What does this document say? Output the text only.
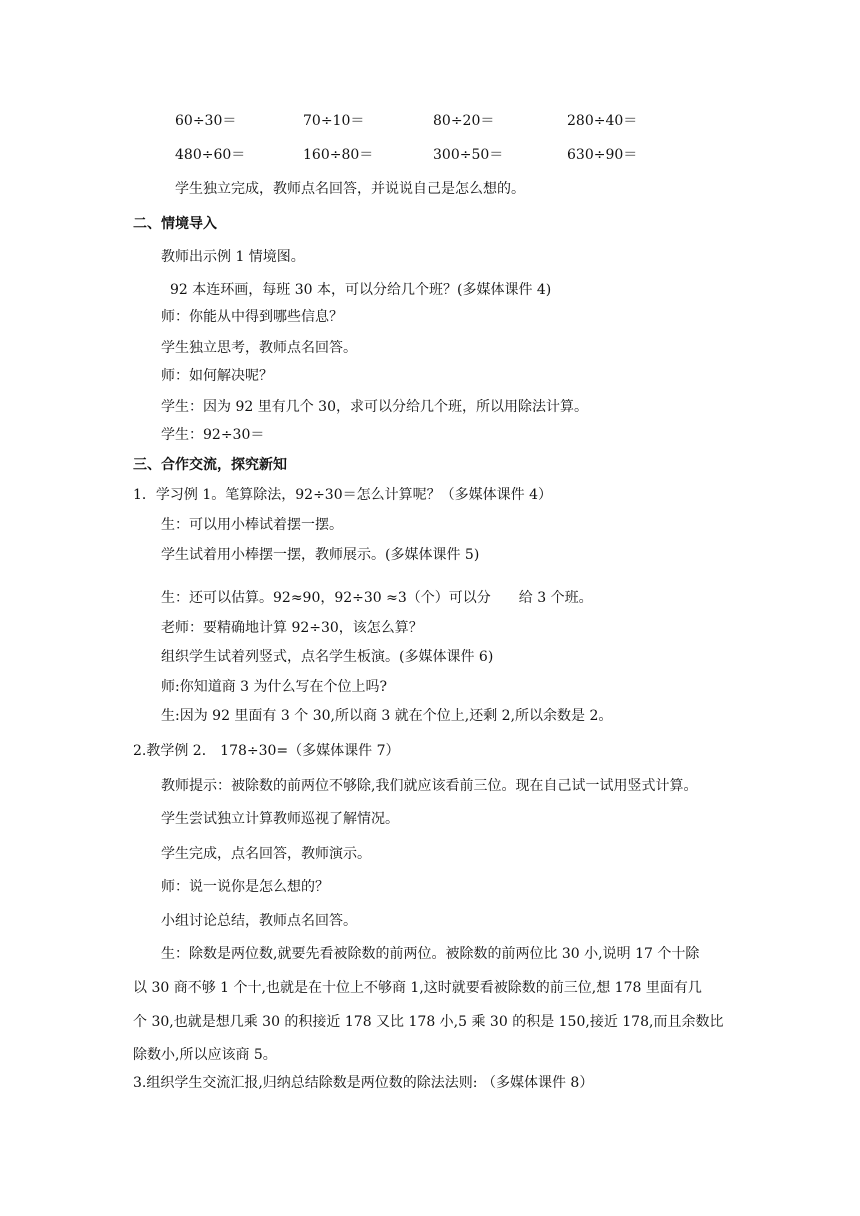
60÷30＝	70÷10＝	80÷20＝	280÷40＝
480÷60＝	160÷80＝	300÷50＝	630÷90＝
学生独立完成，教师点名回答，并说说自己是怎么想的。
二、情境导入
教师出示例 1 情境图。
92 本连环画，每班 30 本，可以分给几个班？(多媒体课件 4)
师：你能从中得到哪些信息？
学生独立思考，教师点名回答。
师：如何解决呢？
学生：因为 92 里有几个 30，求可以分给几个班，所以用除法计算。
学生：92÷30＝
三、合作交流，探究新知
1．学习例 1。笔算除法，92÷30＝怎么计算呢？（多媒体课件 4）
生：可以用小棒试着摆一摆。
学生试着用小棒摆一摆，教师展示。(多媒体课件 5)
生：还可以估算。92≈90，92÷30 ≈3（个）可以分　　给 3 个班。
老师：要精确地计算 92÷30，该怎么算？
组织学生试着列竖式，点名学生板演。(多媒体课件 6)
师:你知道商 3 为什么写在个位上吗?
生:因为 92 里面有 3 个 30,所以商 3 就在个位上,还剩 2,所以余数是 2。
2.教学例 2． 178÷30=（多媒体课件 7）
教师提示：被除数的前两位不够除,我们就应该看前三位。现在自己试一试用竖式计算。
学生尝试独立计算教师巡视了解情况。
学生完成，点名回答，教师演示。
师：说一说你是怎么想的？
小组讨论总结，教师点名回答。
生：除数是两位数,就要先看被除数的前两位。被除数的前两位比 30 小,说明 17 个十除
以 30 商不够 1 个十,也就是在十位上不够商 1,这时就要看被除数的前三位,想 178 里面有几
个 30,也就是想几乘 30 的积接近 178 又比 178 小,5 乘 30 的积是 150,接近 178,而且余数比
除数小,所以应该商 5。
3.组织学生交流汇报,归纳总结除数是两位数的除法法则: （多媒体课件 8）
